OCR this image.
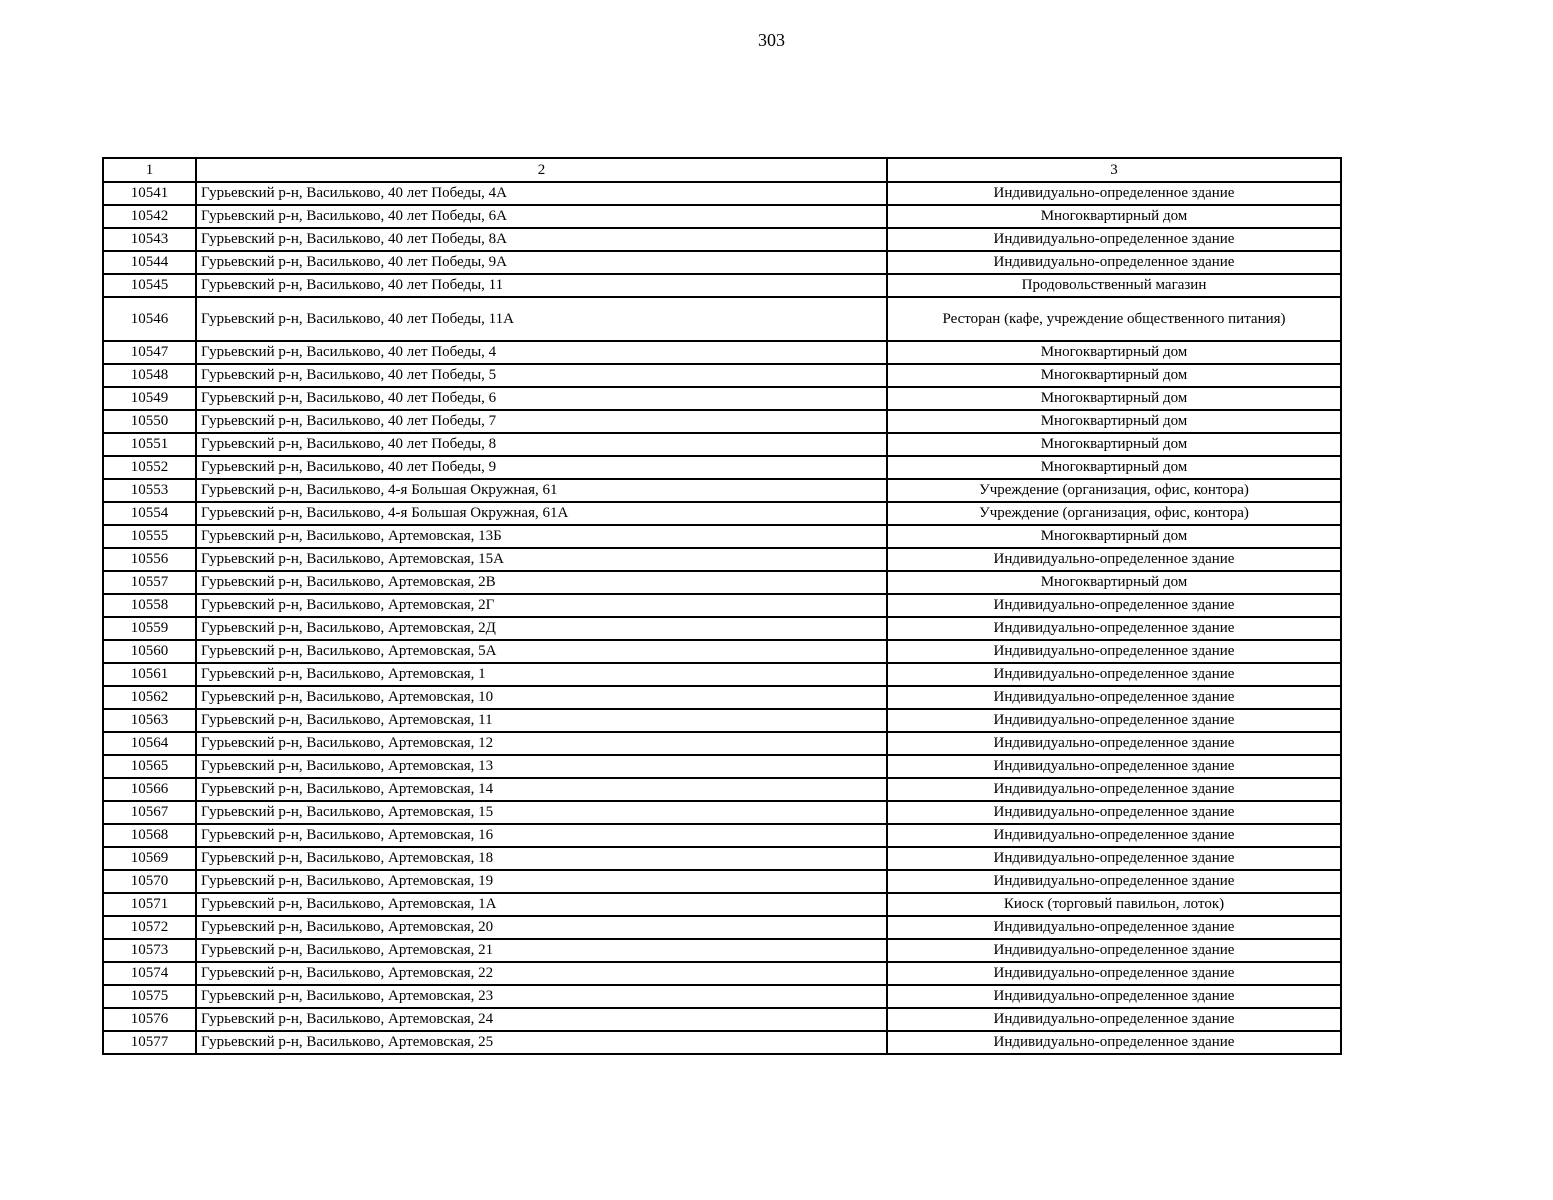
303
1	2	3
10541	Гурьевский р-н, Васильково, 40 лет Победы, 4А	Индивидуально-определенное здание
10542	Гурьевский р-н, Васильково, 40 лет Победы, 6А	Многоквартирный дом
10543	Гурьевский р-н, Васильково, 40 лет Победы, 8А	Индивидуально-определенное здание
10544	Гурьевский р-н, Васильково, 40 лет Победы, 9А	Индивидуально-определенное здание
10545	Гурьевский р-н, Васильково, 40 лет Победы, 11	Продовольственный магазин
10546	Гурьевский р-н, Васильково, 40 лет Победы, 11А	Ресторан (кафе, учреждение общественного питания)
10547	Гурьевский р-н, Васильково, 40 лет Победы, 4	Многоквартирный дом
10548	Гурьевский р-н, Васильково, 40 лет Победы, 5	Многоквартирный дом
10549	Гурьевский р-н, Васильково, 40 лет Победы, 6	Многоквартирный дом
10550	Гурьевский р-н, Васильково, 40 лет Победы, 7	Многоквартирный дом
10551	Гурьевский р-н, Васильково, 40 лет Победы, 8	Многоквартирный дом
10552	Гурьевский р-н, Васильково, 40 лет Победы, 9	Многоквартирный дом
10553	Гурьевский р-н, Васильково, 4-я Большая Окружная, 61	Учреждение (организация, офис, контора)
10554	Гурьевский р-н, Васильково, 4-я Большая Окружная, 61А	Учреждение (организация, офис, контора)
10555	Гурьевский р-н, Васильково, Артемовская, 13Б	Многоквартирный дом
10556	Гурьевский р-н, Васильково, Артемовская, 15А	Индивидуально-определенное здание
10557	Гурьевский р-н, Васильково, Артемовская, 2В	Многоквартирный дом
10558	Гурьевский р-н, Васильково, Артемовская, 2Г	Индивидуально-определенное здание
10559	Гурьевский р-н, Васильково, Артемовская, 2Д	Индивидуально-определенное здание
10560	Гурьевский р-н, Васильково, Артемовская, 5А	Индивидуально-определенное здание
10561	Гурьевский р-н, Васильково, Артемовская, 1	Индивидуально-определенное здание
10562	Гурьевский р-н, Васильково, Артемовская, 10	Индивидуально-определенное здание
10563	Гурьевский р-н, Васильково, Артемовская, 11	Индивидуально-определенное здание
10564	Гурьевский р-н, Васильково, Артемовская, 12	Индивидуально-определенное здание
10565	Гурьевский р-н, Васильково, Артемовская, 13	Индивидуально-определенное здание
10566	Гурьевский р-н, Васильково, Артемовская, 14	Индивидуально-определенное здание
10567	Гурьевский р-н, Васильково, Артемовская, 15	Индивидуально-определенное здание
10568	Гурьевский р-н, Васильково, Артемовская, 16	Индивидуально-определенное здание
10569	Гурьевский р-н, Васильково, Артемовская, 18	Индивидуально-определенное здание
10570	Гурьевский р-н, Васильково, Артемовская, 19	Индивидуально-определенное здание
10571	Гурьевский р-н, Васильково, Артемовская, 1А	Киоск (торговый павильон, лоток)
10572	Гурьевский р-н, Васильково, Артемовская, 20	Индивидуально-определенное здание
10573	Гурьевский р-н, Васильково, Артемовская, 21	Индивидуально-определенное здание
10574	Гурьевский р-н, Васильково, Артемовская, 22	Индивидуально-определенное здание
10575	Гурьевский р-н, Васильково, Артемовская, 23	Индивидуально-определенное здание
10576	Гурьевский р-н, Васильково, Артемовская, 24	Индивидуально-определенное здание
10577	Гурьевский р-н, Васильково, Артемовская, 25	Индивидуально-определенное здание
